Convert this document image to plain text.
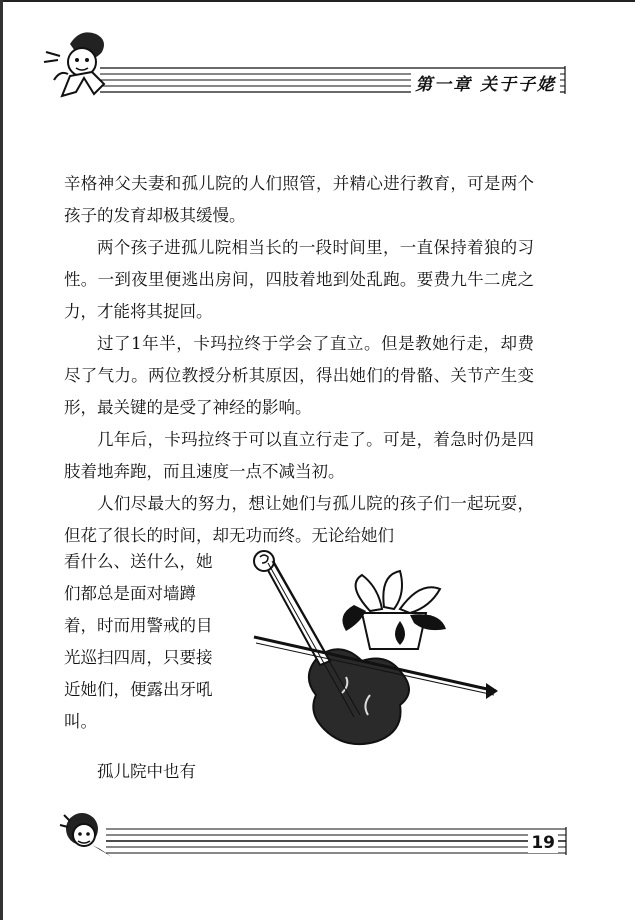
第一章 关于子姥

辛格神父夫妻和孤儿院的人们照管，并精心进行教育，可是两个孩子的发育却极其缓慢。

两个孩子进孤儿院相当长的一段时间里，一直保持着狼的习性。一到夜里便逃出房间，四肢着地到处乱跑。要费九牛二虎之力，才能将其捉回。

过了1年半，卡玛拉终于学会了直立。但是教她行走，却费尽了气力。两位教授分析其原因，得出她们的骨骼、关节产生变形，最关键的是受了神经的影响。

几年后，卡玛拉终于可以直立行走了。可是，着急时仍是四肢着地奔跑，而且速度一点不减当初。

人们尽最大的努力，想让她们与孤儿院的孩子们一起玩耍，但花了很长的时间，却无功而终。无论给她们

看什么、送什么，她

们都总是面对墙蹲

着，时而用警戒的目

光巡扫四周，只要接

近她们，便露出牙吼

叫。

孤儿院中也有

19
